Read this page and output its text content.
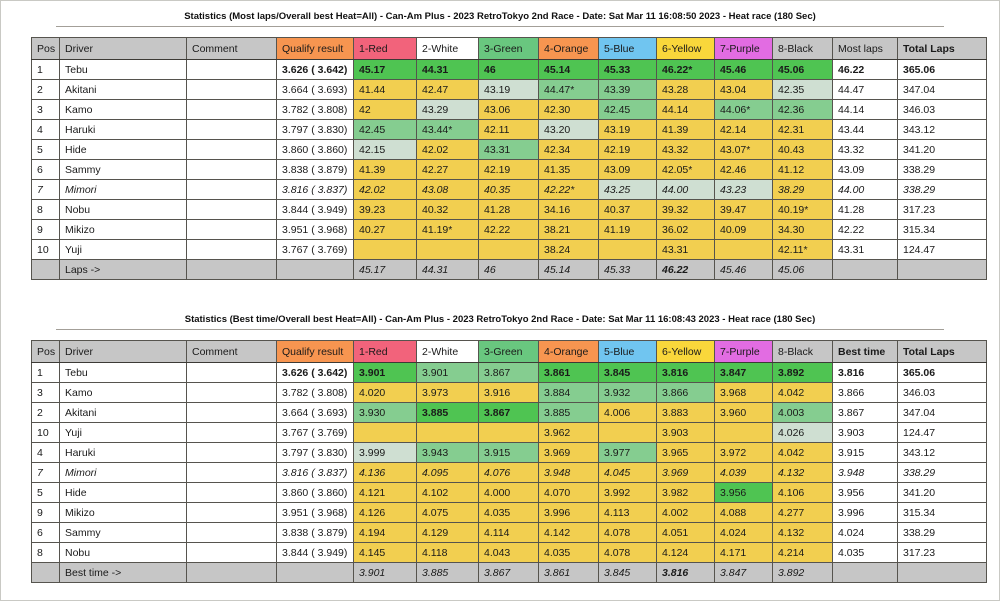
Statistics (Most laps/Overall best Heat=All) - Can-Am Plus - 2023 RetroTokyo 2nd Race - Date: Sat Mar 11 16:08:50 2023 - Heat race (180 Sec)
Pos	Driver	Comment	Qualify result	1-Red	2-White	3-Green	4-Orange	5-Blue	6-Yellow	7-Purple	8-Black	Most laps	Total Laps
1	Tebu		3.626 ( 3.642)	45.17	44.31	46	45.14	45.33	46.22*	45.46	45.06	46.22	365.06
2	Akitani		3.664 ( 3.693)	41.44	42.47	43.19	44.47*	43.39	43.28	43.04	42.35	44.47	347.04
3	Kamo		3.782 ( 3.808)	42	43.29	43.06	42.30	42.45	44.14	44.06*	42.36	44.14	346.03
4	Haruki		3.797 ( 3.830)	42.45	43.44*	42.11	43.20	43.19	41.39	42.14	42.31	43.44	343.12
5	Hide		3.860 ( 3.860)	42.15	42.02	43.31	42.34	42.19	43.32	43.07*	40.43	43.32	341.20
6	Sammy		3.838 ( 3.879)	41.39	42.27	42.19	41.35	43.09	42.05*	42.46	41.12	43.09	338.29
7	Mimori		3.816 ( 3.837)	42.02	43.08	40.35	42.22*	43.25	44.00	43.23	38.29	44.00	338.29
8	Nobu		3.844 ( 3.949)	39.23	40.32	41.28	34.16	40.37	39.32	39.47	40.19*	41.28	317.23
9	Mikizo		3.951 ( 3.968)	40.27	41.19*	42.22	38.21	41.19	36.02	40.09	34.30	42.22	315.34
10	Yuji		3.767 ( 3.769)				38.24		43.31		42.11*	43.31	124.47
	Laps ->			45.17	44.31	46	45.14	45.33	46.22	45.46	45.06		
Statistics (Best time/Overall best Heat=All) - Can-Am Plus - 2023 RetroTokyo 2nd Race - Date: Sat Mar 11 16:08:43 2023 - Heat race (180 Sec)
Pos	Driver	Comment	Qualify result	1-Red	2-White	3-Green	4-Orange	5-Blue	6-Yellow	7-Purple	8-Black	Best time	Total Laps
1	Tebu		3.626 ( 3.642)	3.901	3.901	3.867	3.861	3.845	3.816	3.847	3.892	3.816	365.06
3	Kamo		3.782 ( 3.808)	4.020	3.973	3.916	3.884	3.932	3.866	3.968	4.042	3.866	346.03
2	Akitani		3.664 ( 3.693)	3.930	3.885	3.867	3.885	4.006	3.883	3.960	4.003	3.867	347.04
10	Yuji		3.767 ( 3.769)				3.962		3.903		4.026	3.903	124.47
4	Haruki		3.797 ( 3.830)	3.999	3.943	3.915	3.969	3.977	3.965	3.972	4.042	3.915	343.12
7	Mimori		3.816 ( 3.837)	4.136	4.095	4.076	3.948	4.045	3.969	4.039	4.132	3.948	338.29
5	Hide		3.860 ( 3.860)	4.121	4.102	4.000	4.070	3.992	3.982	3.956	4.106	3.956	341.20
9	Mikizo		3.951 ( 3.968)	4.126	4.075	4.035	3.996	4.113	4.002	4.088	4.277	3.996	315.34
6	Sammy		3.838 ( 3.879)	4.194	4.129	4.114	4.142	4.078	4.051	4.024	4.132	4.024	338.29
8	Nobu		3.844 ( 3.949)	4.145	4.118	4.043	4.035	4.078	4.124	4.171	4.214	4.035	317.23
	Best time ->			3.901	3.885	3.867	3.861	3.845	3.816	3.847	3.892		
